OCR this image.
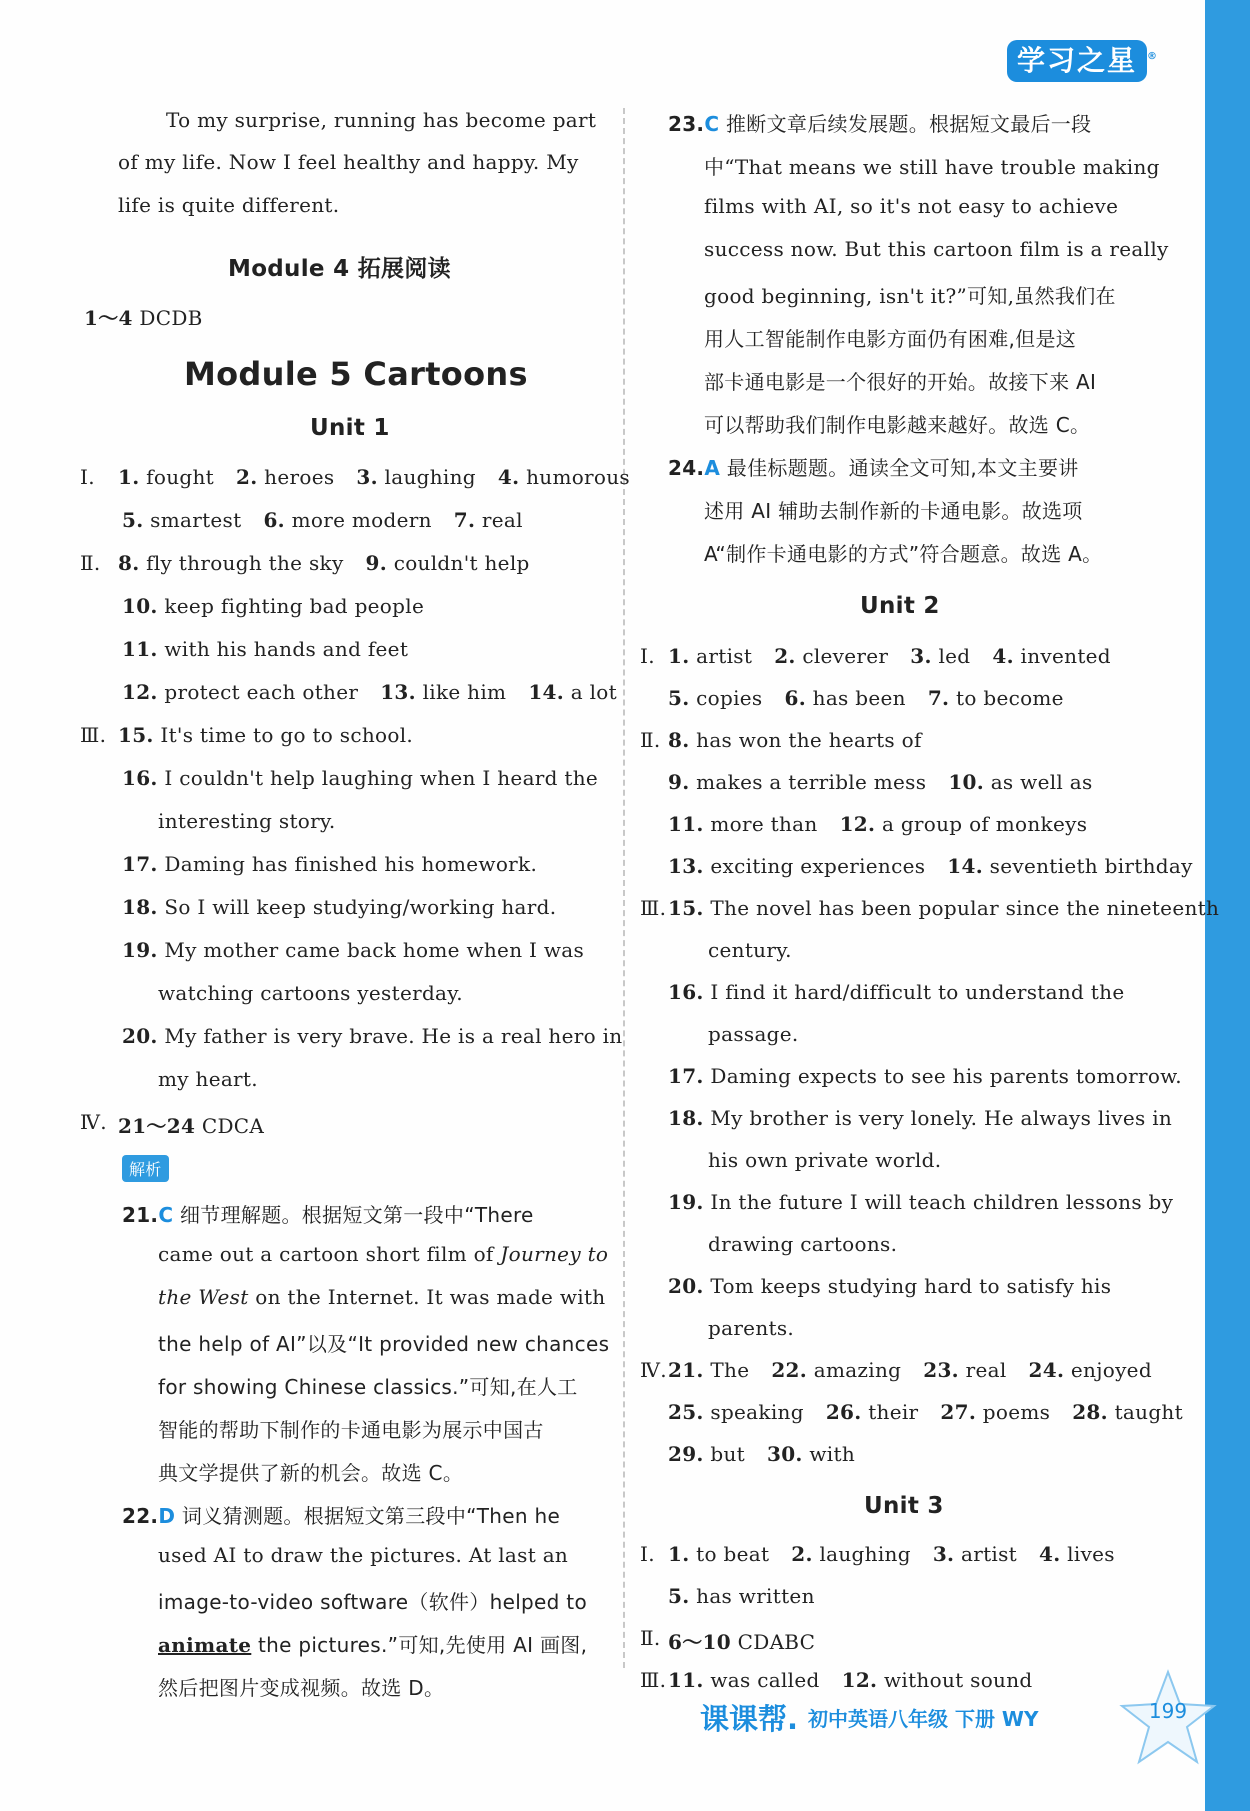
学习之星 ®
To my surprise, running has become part
of my life. Now I feel healthy and happy. My
life is quite different.
Module 4 拓展阅读
1～4 DCDB
Module 5 Cartoons
Unit 1
Ⅰ. 1. fought 2. heroes 3. laughing 4. humorous
5. smartest 6. more modern 7. real
Ⅱ. 8. fly through the sky 9. couldn't help
10. keep fighting bad people
11. with his hands and feet
12. protect each other 13. like him 14. a lot
Ⅲ. 15. It's time to go to school.
16. I couldn't help laughing when I heard the
interesting story.
17. Daming has finished his homework.
18. So I will keep studying/working hard.
19. My mother came back home when I was
watching cartoons yesterday.
20. My father is very brave. He is a real hero in
my heart.
Ⅳ. 21～24 CDCA
解析
21.C 细节理解题。根据短文第一段中“There
came out a cartoon short film of Journey to
the West on the Internet. It was made with
the help of AI”以及“It provided new chances
for showing Chinese classics.”可知,在人工
智能的帮助下制作的卡通电影为展示中国古
典文学提供了新的机会。故选 C。
22.D 词义猜测题。根据短文第三段中“Then he
used AI to draw the pictures. At last an
image-to-video software（软件）helped to
animate the pictures.”可知,先使用 AI 画图,
然后把图片变成视频。故选 D。
23.C 推断文章后续发展题。根据短文最后一段
中“That means we still have trouble making
films with AI, so it's not easy to achieve
success now. But this cartoon film is a really
good beginning, isn't it?”可知,虽然我们在
用人工智能制作电影方面仍有困难,但是这
部卡通电影是一个很好的开始。故接下来 AI
可以帮助我们制作电影越来越好。故选 C。
24.A 最佳标题题。通读全文可知,本文主要讲
述用 AI 辅助去制作新的卡通电影。故选项
A“制作卡通电影的方式”符合题意。故选 A。
Unit 2
Ⅰ. 1. artist 2. cleverer 3. led 4. invented
5. copies 6. has been 7. to become
Ⅱ. 8. has won the hearts of
9. makes a terrible mess 10. as well as
11. more than 12. a group of monkeys
13. exciting experiences 14. seventieth birthday
Ⅲ. 15. The novel has been popular since the nineteenth
century.
16. I find it hard/difficult to understand the
passage.
17. Daming expects to see his parents tomorrow.
18. My brother is very lonely. He always lives in
his own private world.
19. In the future I will teach children lessons by
drawing cartoons.
20. Tom keeps studying hard to satisfy his
parents.
Ⅳ. 21. The 22. amazing 23. real 24. enjoyed
25. speaking 26. their 27. poems 28. taught
29. but 30. with
Unit 3
Ⅰ. 1. to beat 2. laughing 3. artist 4. lives
5. has written
Ⅱ. 6～10 CDABC
Ⅲ. 11. was called 12. without sound
课课帮. 初中英语八年级 下册 WY	199
